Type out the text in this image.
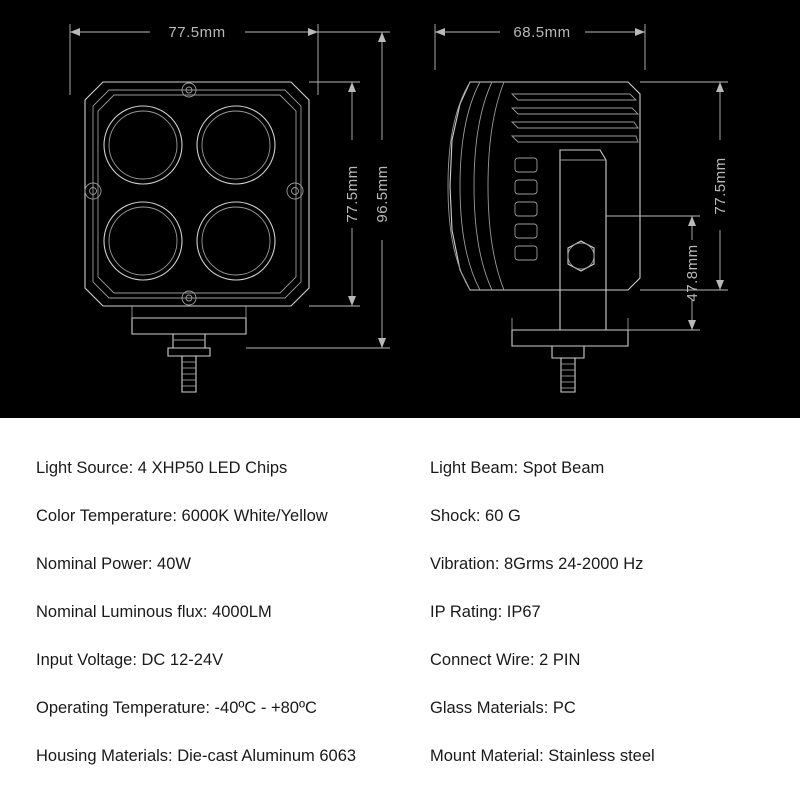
77.5mm
77.5mm 96.5mm
68.5mm
77.5mm
47.8mm
Light Source: 4 XHP50 LED Chips	Light Beam: Spot Beam
Color Temperature: 6000K White/Yellow	Shock: 60 G
Nominal Power: 40W	Vibration: 8Grms 24-2000 Hz
Nominal Luminous flux: 4000LM	IP Rating: IP67
Input Voltage: DC 12-24V	Connect Wire: 2 PIN
Operating Temperature: -40ºC - +80ºC	Glass Materials: PC
Housing Materials: Die-cast Aluminum 6063	Mount Material: Stainless steel
